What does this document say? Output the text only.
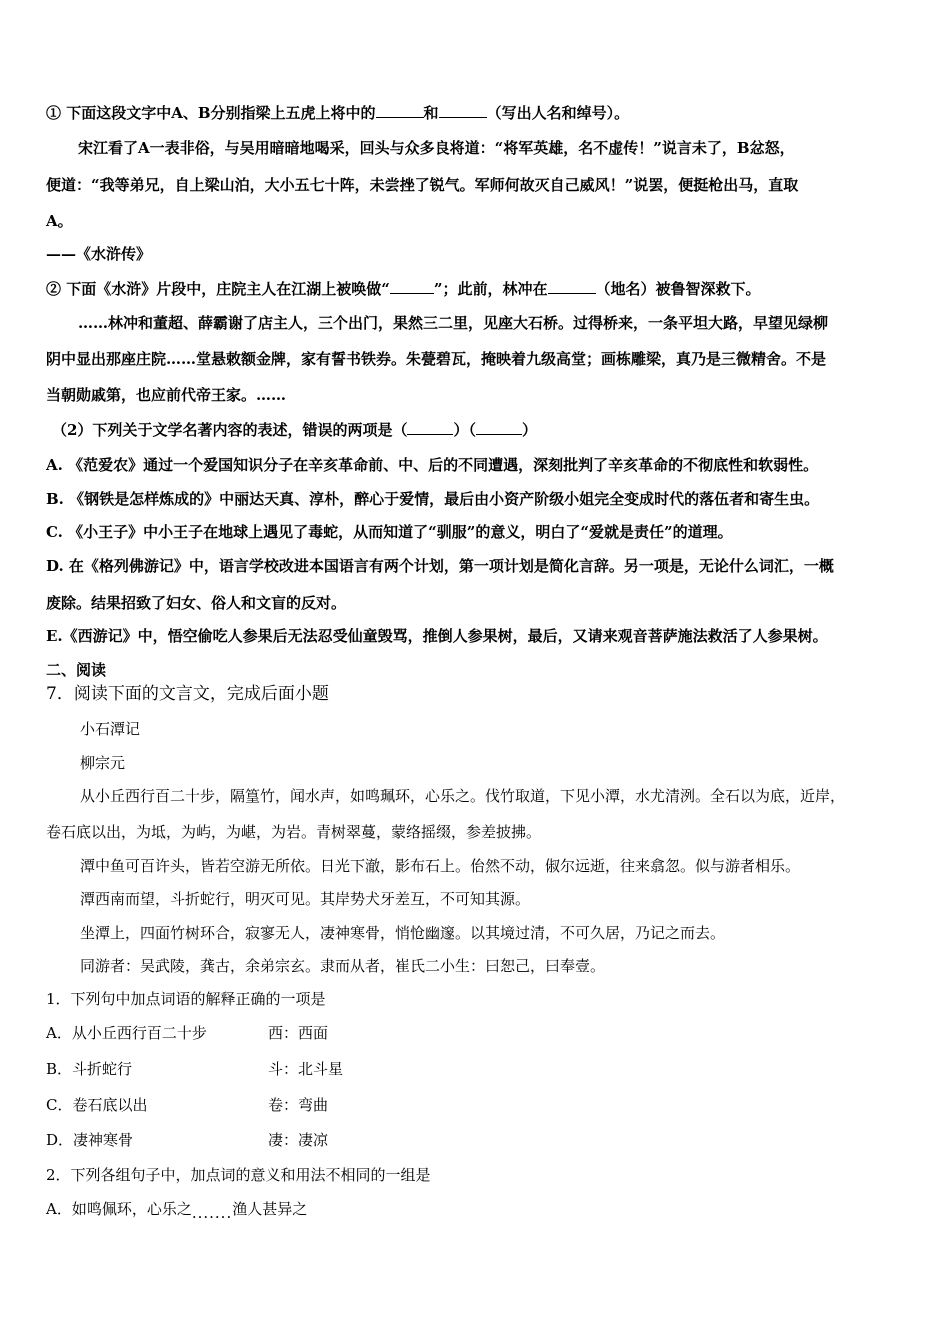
① 下面这段文字中A、B分别指梁上五虎上将中的	和	（写出人名和绰号）。
宋江看了A一表非俗，与吴用暗暗地喝采，回头与众多良将道：“将军英雄，名不虚传！”说言未了，B忿怒，
便道：“我等弟兄，自上梁山泊，大小五七十阵，未尝挫了锐气。军师何故灭自己威风！”说罢，便挺枪出马，直取
A。
——《水浒传》
② 下面《水浒》片段中，庄院主人在江湖上被唤做“	”；此前，林冲在	（地名）被鲁智深救下。
……林冲和董超、薛霸谢了店主人，三个出门，果然三二里，见座大石桥。过得桥来，一条平坦大路，早望见绿柳
阴中显出那座庄院……堂悬敕额金牌，家有誓书铁券。朱甍碧瓦，掩映着九级高堂；画栋雕梁，真乃是三微精舍。不是
当朝勋戚第，也应前代帝王家。……
（2）下列关于文学名著内容的表述，错误的两项是（	）（	）
A. 《范爱农》通过一个爱国知识分子在辛亥革命前、中、后的不同遭遇，深刻批判了辛亥革命的不彻底性和软弱性。
B. 《钢铁是怎样炼成的》中丽达天真、淳朴，醉心于爱情，最后由小资产阶级小姐完全变成时代的落伍者和寄生虫。
C. 《小王子》中小王子在地球上遇见了毒蛇，从而知道了“驯服”的意义，明白了“爱就是责任”的道理。
D. 在《格列佛游记》中，语言学校改进本国语言有两个计划，第一项计划是简化言辞。另一项是，无论什么词汇，一概
废除。结果招致了妇女、俗人和文盲的反对。
E.《西游记》中，悟空偷吃人参果后无法忍受仙童毁骂，推倒人参果树，最后，又请来观音菩萨施法救活了人参果树。
二、阅读
7．阅读下面的文言文，完成后面小题
小石潭记
柳宗元
从小丘西行百二十步，隔篁竹，闻水声，如鸣珮环，心乐之。伐竹取道，下见小潭，水尤清洌。全石以为底，近岸，
卷石底以出，为坻，为屿，为嵁，为岩。青树翠蔓，蒙络摇缀，参差披拂。
潭中鱼可百许头，皆若空游无所依。日光下澈，影布石上。佁然不动，俶尔远逝，往来翕忽。似与游者相乐。
潭西南而望，斗折蛇行，明灭可见。其岸势犬牙差互，不可知其源。
坐潭上，四面竹树环合，寂寥无人，凄神寒骨，悄怆幽邃。以其境过清，不可久居，乃记之而去。
同游者：吴武陵，龚古，余弟宗玄。隶而从者，崔氏二小生：曰恕己，曰奉壹。
1．下列句中加点词语的解释正确的一项是
A．从小丘西行百二十步	西：西面
B．斗折蛇行	斗：北斗星
C．卷石底以出	卷：弯曲
D．凄神寒骨	凄：凄凉
2．下列各组句子中，加点词的意义和用法不相同的一组是
A．如鸣佩环，心乐之.......渔人甚异之
